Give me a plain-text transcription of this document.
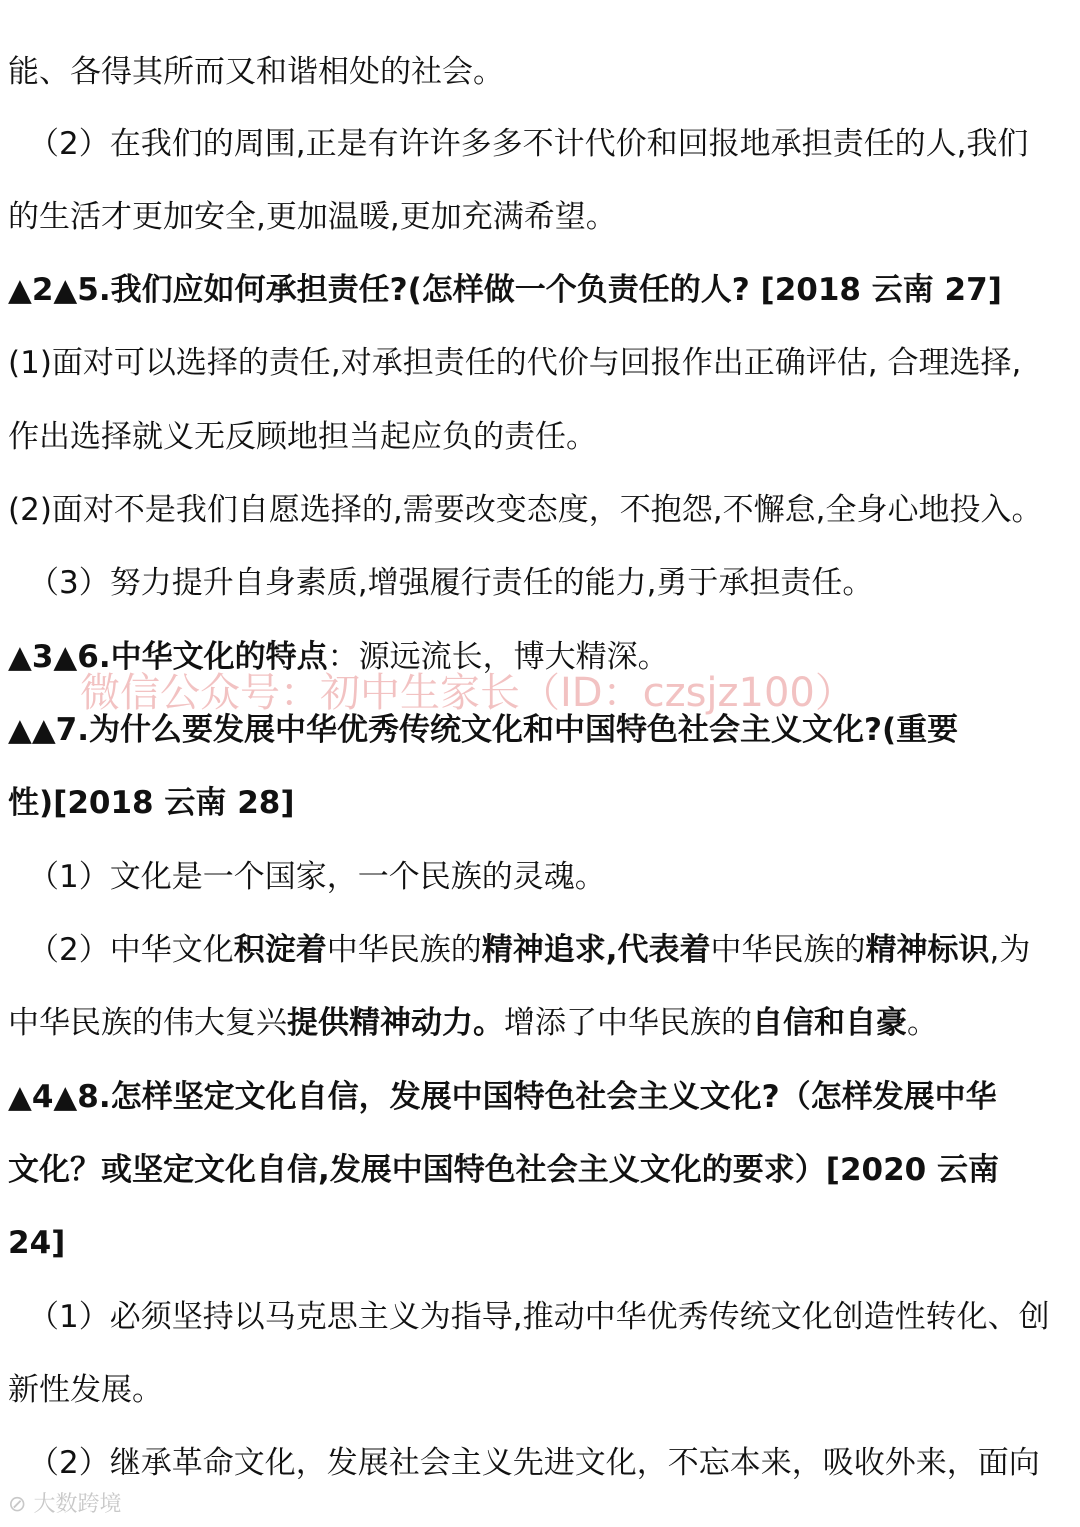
能、各得其所而又和谐相处的社会。
（2）在我们的周围,正是有许许多多不计代价和回报地承担责任的人,我们
的生活才更加安全,更加温暖,更加充满希望。
▲2▲5.我们应如何承担责任?(怎样做一个负责任的人? [2018 云南 27]
(1)面对可以选择的责任,对承担责任的代价与回报作出正确评估, 合理选择,
作出选择就义无反顾地担当起应负的责任。
(2)面对不是我们自愿选择的,需要改变态度，不抱怨,不懈怠,全身心地投入。
（3）努力提升自身素质,增强履行责任的能力,勇于承担责任。
▲3▲6.中华文化的特点：源远流长，博大精深。
微信公众号：初中生家长（ID：czsjz100）
▲▲7.为什么要发展中华优秀传统文化和中国特色社会主义文化?(重要
性)[2018 云南 28]
（1）文化是一个国家，一个民族的灵魂。
（2）中华文化积淀着中华民族的精神追求,代表着中华民族的精神标识,为
中华民族的伟大复兴提供精神动力。增添了中华民族的自信和自豪。
▲4▲8.怎样坚定文化自信，发展中国特色社会主义文化?（怎样发展中华
文化？或坚定文化自信,发展中国特色社会主义文化的要求）[2020 云南
24]
（1）必须坚持以马克思主义为指导,推动中华优秀传统文化创造性转化、创
新性发展。
（2）继承革命文化，发展社会主义先进文化，不忘本来，吸收外来，面向
⊘ 大数跨境
